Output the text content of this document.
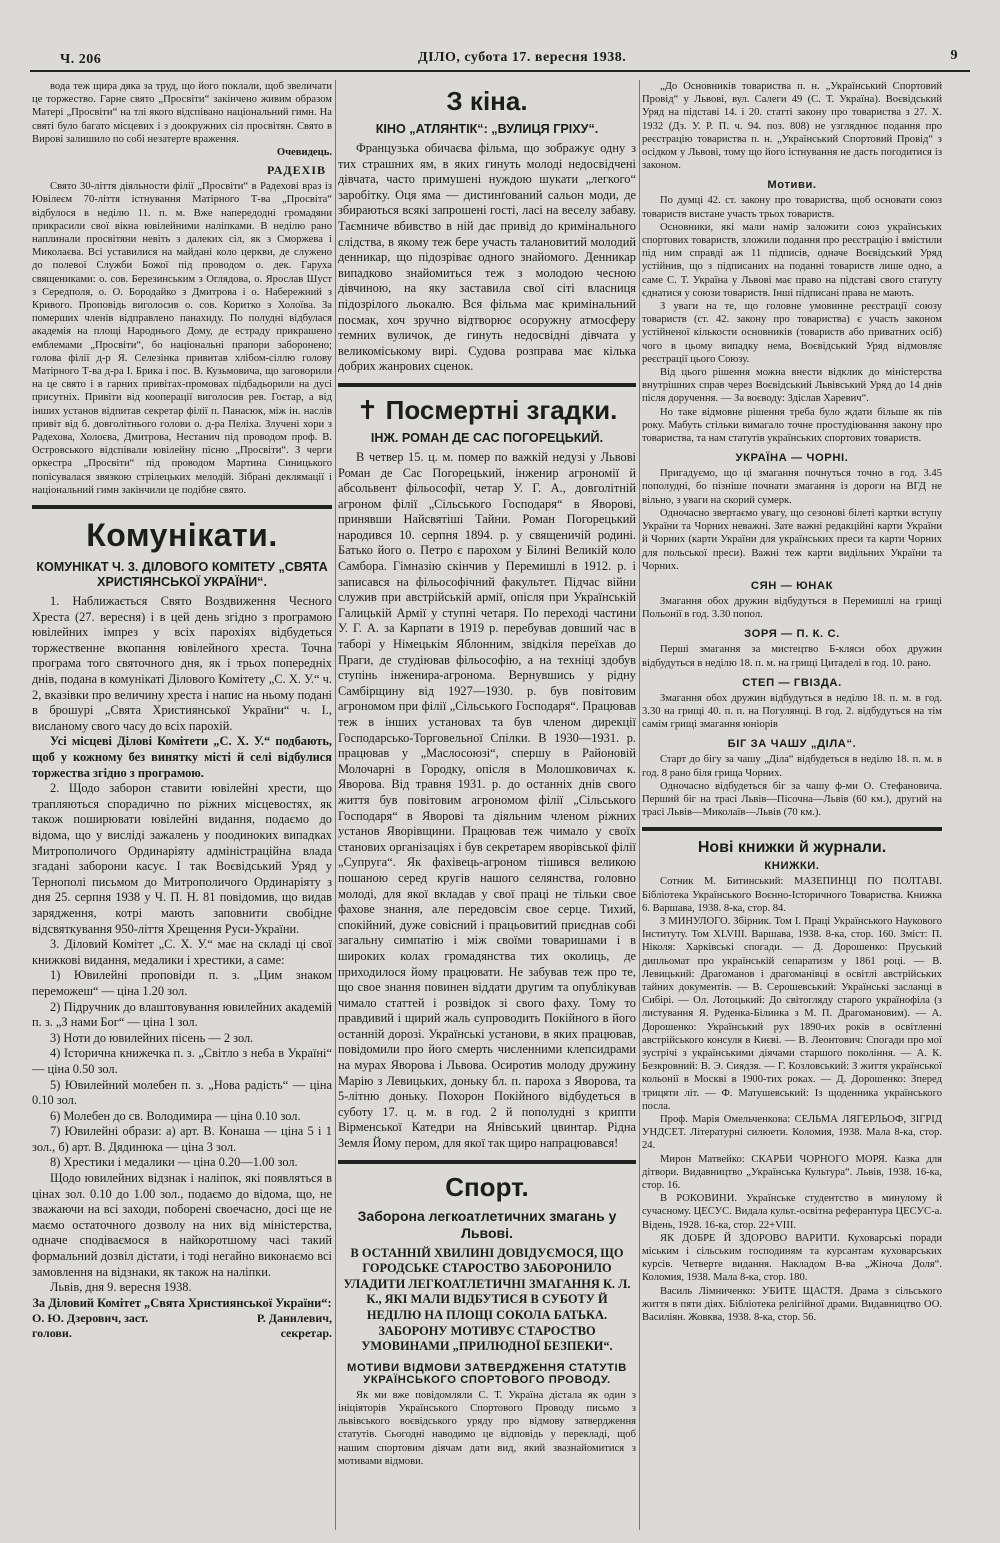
Ч. 206	ДІЛО, субота 17. вересня 1938.	9

вода теж щира дяка за труд, що його поклали, щоб звеличати це торжество. Гарне свято „Просвіти“ закінчено живим образом Матері „Просвіти“ на тлі якого відспівано національний гимн. На святі було багато місцевих і з доокружних сіл просвітян. Свято в Вирові залишило по собі незатерте враження.

Очевидець.

РАДЕХІВ

Свято 30-ліття діяльности філії „Просвіти“ в Радехові враз із Ювілеєм 70-ліття істнування Матірного Т-ва „Просвіта“ відбулося в неділю 11. п. м. Вже напередодні громадяни прикрасили свої вікна ювілейними наліпками. В неділю рано наплинали просвітяни невіть з далеких сіл, як з Сморжева і Миколаєва. Всі устaвилися на майдані коло церкви, де служено до полевої Служби Божої під проводом о. дек. Гаруха священиками: о. сов. Березинським з Оглядова, о. Ярослав Шуст з Середполя, о. О. Бородайко з Дмитрова і о. Набережний з Кривого. Проповідь виголосив о. сов. Коритко з Холоїва. За померших членів відправлено панахиду. По полудні відбулася академія на площі Народнього Дому, де естраду прикрашено емблемами „Просвіти“, бо національні прапори заборонено; голова філії д-р Я. Селезінка привитав хлібом-сіллю голову Матірного Т-ва д-ра І. Брика і пос. В. Кузьмовича, що заговорили на це свято і в гарних привітах-промовах підбадьорили на дусі присутніх. Привіти від кооперації виголосив рев. Гоєтар, а від інших установ відпитав секретар філії п. Панасюк, між ін. наслів привіт від б. довголітнього голови о. д-ра Пеліха. Злучені хори з Радехова, Холоєва, Дмитрова, Нестанич під проводом проф. В. Островського відспівали ювілейну пісню „Просвіти“. З черги оркестра „Просвіти“ під проводом Мартина Синицького попісувалася звязкою стрілецьких мелодій. Зібрані деклямації і національний гимн закінчили це подібне свято.

Комунікати.
КОМУНІКАТ Ч. 3. ДІЛОВОГО КОМІТЕТУ „СВЯТА ХРИСТІЯНСЬКОЇ УКРАЇНИ“.

1. Наближається Свято Воздвиження Чесного Хреста (27. вересня) і в цей день згідно з програмою ювілейних імпрез у всіх парохіях відбудеться торжественне вкопання ювілейного хреста. Точна програма того святочного дня, як і трьох попередніх днів, подана в комунікаті Ділового Комітету „С. Х. У.“ ч. 2, вказівки про величину хреста і напис на ньому подані в брошурі „Свята Християнської України“ ч. І., висланому свого часу до всіх парохій.

Усі місцеві Ділові Комітети „С. Х. У.“ подбають, щоб у кожному без винятку місті й селі відбулися торжества згідно з програмою.

2. Щодо заборон ставити ювілейні хрести, що трапляються спорадично по ріжних місцевостях, як також поширювати ювілейні видання, подаємо до відома, що у висліді зажалень у поодиноких випадках Митрополичого Ординаріяту адміністраційна влада згадані заборони касує. І так Воєвідський Уряд у Тернополі письмом до Митрополичого Ординаріяту з дня 25. серпня 1938 у Ч. П. Н. 81 повідомив, що видав зарядження, котрі мають заповнити свобідне відсвяткування 950-ліття Хрещення Руси-України.

3. Діловий Комітет „С. Х. У.“ має на складі ці свої книжкові видання, медалики і хрестики, а саме:

1) Ювилейні проповіди п. з. „Цим знаком переможеш“ — ціна 1.20 зол.

2) Підручник до влаштовування ювилейних академій п. з. „З нами Бог“ — ціна 1 зол.

3) Ноти до ювилейних пісень — 2 зол.

4) Історична книжечка п. з. „Світло з неба в Україні“ — ціна 0.50 зол.

5) Ювилейний молебен п. з. „Нова радість“ — ціна 0.10 зол.

6) Молебен до св. Володимира — ціна 0.10 зол.

7) Ювилейні образи: а) арт. В. Конаша — ціна 5 і 1 зол., б) арт. В. Дядинюка — ціна 3 зол.

8) Хрестики і медалики — ціна 0.20—1.00 зол.

Щодо ювилейних відзнак і наліпок, які появляться в цінах зол. 0.10 до 1.00 зол., подаємо до відома, що, не зважаючи на всі заходи, поборені своечасно, досі ще не маємо остаточного дозволу на них від міністерства, одначе сподіваємося в найкоротшому часі такий формальний дозвіл дістати, і тоді негайно виконаємо всі замовлення на відзнаки, як також на наліпки.

Львів, дня 9. вересня 1938.

За Діловий Комітет „Свята Християнської України“:

О. Ю. Дзерович, заст. голови.
Р. Данилевич, секретар.
З кіна.
КІНО „АТЛЯНТІК“: „ВУЛИЦЯ ГРІХУ“.

Французька обичаєва фільма, що зображує одну з тих страшних ям, в яких гинуть молоді недосвідчені дівчата, часто примушені нуждою шукати „легкого“ заробітку. Оця яма — дистинґований сальон моди, де збираються всякі запрошені гості, ласі на веселу забаву. Таємниче вбивство в ній дає привід до кримінального слідства, в якому теж бере участь талановитий молодий денникар, що підозріває одного знайомого. Денникар випадково знайомиться теж з молодою чесною дівчиною, на яку заставила свої сіті власниця підозрілого льокалю. Вся фільма має кримінальний посмак, хоч зручно відтворює осоружну атмосферу темних вуличок, де гинуть недосвідні дівчата у великоміському вирі. Судова розправа має кілька добрих жанрових сценок.

✝ Посмертні згадки.
ІНЖ. РОМАН ДЕ САС ПОГОРЕЦЬКИЙ.

В четвер 15. ц. м. помер по важкій недузі у Львові Роман де Сас Погорецький, інженир агрономії й абсольвент фільософії, четар У. Г. А., довголітній агроном філії „Сільського Господаря“ в Яворові, принявши Найсвятіші Тайни. Роман Погорецький народився 10. серпня 1894. р. у священичій родині. Батько його о. Петро є парохом у Білині Великій коло Самбора. Гімназію скінчив у Перемишлі в 1912. р. і записався на фільософічний факультет. Підчас війни служив при австрійській армії, опісля при Українській Галицькій Армії у ступні четаря. По переході частини У. Г. А. за Карпати в 1919 р. перебував довший час в таборі у Німецькім Яблонним, звідкіля переїхав до Праги, де студіював фільософію, а на техніці здобув ступінь інженира-агронома. Вернувшись у рідну Самбірщину від 1927—1930. р. був повітовим агрономом при філії „Сільського Господаря“. Працював теж в інших установах та був членом дирекції Господарсько-Торговельної Спілки. В 1930—1931. р. працював у „Маслосоюзі“, спершу в Районовій Молочарні в Городку, опісля в Молошковичах к. Яворова. Від травня 1931. р. до останніх днів свого життя був повітовим агрономом філії „Сільського Господаря“ в Яворові та діяльним членом ріжних установ Яворівщини. Працював теж чимало у своїх станових організаціях і був секретарем яворівської філії „Супруга“. Як фахівець-агроном тішився великою пошаною серед кругів нашого селянства, головно молоді, для якої вкладав у свої праці не тільки свое фахове знання, але передовсім свое серце. Тихий, спокійний, дуже совісний і працьовитий приєднав собі загальну симпатію і між своїми товаришами і в широких колах громадянства тих околиць, де приходилося йому працювати. Не забував теж про те, що свое знання повинен віддати другим та опублікував чимало статтей і розвідок зі свого фаху. Тому то правдивий і щирий жаль супроводить Покійного в його останній дорозі. Українські установи, в яких працював, повідомили про його смерть численними клепсидрами на мурах Яворова і Львова. Осиротив молоду дружину Марію з Левицьких, доньку бл. п. пароха з Яворова, та 5-літню доньку. Похорон Покійного відбудеться в суботу 17. ц. м. в год. 2 й пополудні з крипти Вірменської Катедри на Янівський цвинтар. Рідна Земля Йому пером, для якої так щиро напрацювався!

Спорт.
Заборона легкоатлетичних змагань у Львові.

В ОСТАННІЙ ХВИЛИНІ ДОВІДУЄМОСЯ, ЩО ГОРОДСЬКЕ СТАРОСТВО ЗАБОРОНИЛО УЛАДИТИ ЛЕГКОАТЛЕТИЧНІ ЗМАГАННЯ К. Л. К., ЯКІ МАЛИ ВІДБУТИСЯ В СУБОТУ Й НЕДІЛЮ НА ПЛОЩІ СОКОЛА БАТЬКА. ЗАБОРОНУ МОТИВУЄ СТАРОСТВО УМОВИНАМИ „ПРИЛЮДНОЇ БЕЗПЕКИ“.

МОТИВИ ВІДМОВИ ЗАТВЕРДЖЕННЯ СТАТУТІВ УКРАЇНСЬКОГО СПОРТОВОГО ПРОВОДУ.

Як ми вже повідомляли С. Т. Україна дістала як один з ініціяторів Українського Спортового Проводу письмо з львівського воєвідського уряду про відмову затвердження статутів. Сьогодні наводимо це відповідь у перекладі, щоб нашим спортовим діячам дати вид, який звазнайомитися з мотивами відмови.

„До Основників товариства п. н. „Український Спортовий Провід“ у Львові, вул. Салеги 49 (С. Т. Україна). Воєвідський Уряд на підставі 14. і 20. статті закону про товариства з 27. X. 1932 (Дз. У. Р. П. ч. 94. поз. 808) не узгляднює подання про реєстрацію товариства п. н. „Український Спортовий Провід“ з осідком у Львові, тому що його істнування не дасть погодитися із законом.

Мотиви.

По думці 42. ст. закону про товариства, щоб основати союз товариств вистане участь трьох товариств.

Основники, які мали намір заложити союз українських спортових товариств, зложили подання про реєстрацію і вмістили під ним справді аж 11 підписів, одначе Воєвідський Уряд устійнив, що з підписаних на поданні товариств лише одно, а саме С. Т. Україна у Львові має право на підставі свого статуту єднатися у союзи товариств. Інші підписані права не мають.

З уваги на те, що головне умовинне реєстрації союзу товариств (ст. 42. закону про товариства) є участь законом устійненої кількости основників (товариств або приватних осіб) чого в цьому випадку нема, Воєвідський Уряд відмовляє реєстрації цього Союзу.

Від цього рішення можна внести відклик до міністерства внутрішних справ через Воєвідський Львівський Уряд до 14 днів після доручення. — За воєводу: Здіслав Харевич“.

Но таке відмовне рішення треба було ждати більше як пів року. Мабуть стільки вимагало точне простудіювання закону про товариства, та нам статутів українських спортових товариств.

УКРАЇНА — ЧОРНІ.

Пригадуємо, що ці змагання почнуться точно в год. 3.45 пополудні, бо пізніше почнати змагання із дороги на ВГД не вільно, з уваги на скорий сумерк.

Одночасно звертаємо увагу, що сезонові білеті картки вступу України та Чорних неважні. Зате важні редакційні карти України й Чорних (карти України для українських преси та карти Чорних для польської преси). Важні теж карти видільних України та Чорних.

СЯН — ЮНАК

Змагання обох дружин відбудуться в Перемишлі на грищі Польонії в год. 3.30 попол.

ЗОРЯ — П. К. С.

Перші змагання за мистецтво Б-кляси обох дружин відбудуться в неділю 18. п. м. на грищі Цитаделі в год. 10. рано.

СТЕП — ГВІЗДА.

Змагання обох дружин відбудуться в неділю 18. п. м. в год. 3.30 на грищі 40. п. п. на Погулянці. В год. 2. відбудуться на тім самім грищі змагання юніорів

БІГ ЗА ЧАШУ „ДІЛА“.

Старт до бігу за чашу „Діла“ відбудеться в неділю 18. п. м. в год. 8 рано біля грища Чорних.

Одночасно відбудеться біг за чашу ф-ми О. Стефановича. Перший біг на трасі Львів—Пісочна—Львів (60 км.), другий на трасі Львів—Миколаїв—Львів (70 км.).

Нові книжки й журнали.
КНИЖКИ.

Сотник М. Битинський: МАЗЕПИНЦІ ПО ПОЛТАВІ. Бібліотека Українського Воєнно-Історичного Товариства. Книжка 6. Варшава, 1938. 8-ка, стор. 84.

З МИНУЛОГО. Збірник. Том І. Праці Українського Наукового Інституту. Том XLVIII. Варшава, 1938. 8-ка, стор. 160. Зміст: П. Ніколя: Харківські спогади. — Д. Дорошенко: Пруський дипльомат про українській сепаратизм у 1861 році. — В. Левицький: Драгоманов і драгоманівці в освітлі австрійських тайних документів. — В. Серошевський: Українські засланці в Сибірі. — Ол. Лотоцький: До світогляду старого українофіла (з листування Я. Руденка-Білинка з М. П. Драгомановим). — А. Дорошенко: Український рух 1890-их років в освітленні австрійського консуля в Києві. — В. Леонтович: Спогади про мої зустрічі з українськими діячами старшого покоління. — А. К. Безкровний: В. Э. Сиядзя. — Г. Козловський: З життя української кольонії в Москві в 1900-тих роках. — Д. Дорошенко: Зперед трицяти літ. — Ф. Матушевський: Із щоденника українського посла.

Проф. Марія Омельченкова: СЕЛЬМА ЛЯГЕРЛЬОФ, ЗІГРІД УНДСЕТ. Літературні силюети. Коломия, 1938. Мала 8-ка, стор. 24.

Мирон Матвейко: СКАРБИ ЧОРНОГО МОРЯ. Казка для дітвори. Видавництво „Українська Культура“. Львів, 1938. 16-ка, стор. 16.

В РОКОВИНИ. Українське студентство в минулому й сучасному. ЦЕСУС. Видала культ.-освітна реферантура ЦЕСУС-а. Відень, 1928. 16-ка, стор. 22+VIII.

ЯК ДОБРЕ Й ЗДОРОВО ВАРИТИ. Куховарські поради міським і сільським господиням та курсантам куховарських курсів. Четверте видання. Накладом В-ва „Жіноча Доля“. Коломия, 1938. Мала 8-ка, стор. 180.

Василь Лімниченко: УБИТЕ ЩАСТЯ. Драма з сільського життя в пяти діях. Бібліотека релігійної драми. Видавництво ОО. Василіян. Жовква, 1938. 8-ка, стор. 56.
